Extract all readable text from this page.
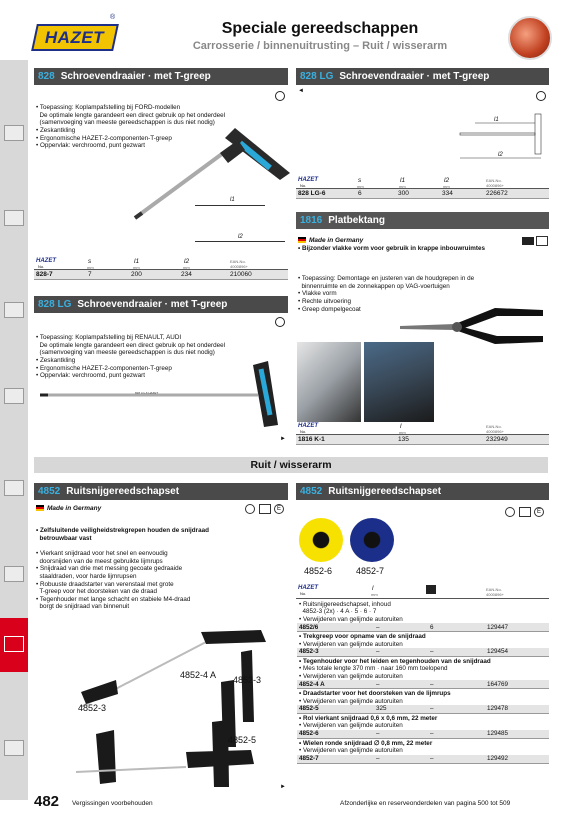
HAZET
®
Speciale gereedschappen
Carrosserie / binnenuitrusting – Ruit / wisserarm
828 Schroevendraaier · met T-greep

• Toepassing: Koplampafstelling bij FORD-modellen
De optimale lengte garandeert een direct gebruik op het onderdeel
(samenvoeging van meeste gereedschappen is dus niet nodig)
• Zeskantkling
• Ergonomische HAZET-2-componenten-T-greep
• Oppervlak: verchroomd, punt gezwart

l1
l2
HAZET
No.
s
mm
l1
mm
l2
mm
EAN-No.
4000896+
828-7	7	200	234	210060
828 LG Schroevendraaier · met T-greep
◄
l1
l2
HAZET
No.
s
mm
l1
mm
l2
mm
EAN-No.
4000896+
828 LG-6	6	300	334	226672
1816 Platbektang
Made in Germany
• Bijzonder vlakke vorm voor gebruik in krappe inbouwruimtes

• Toepassing: Demontage en justeren van de houdgrepen in de
binnenruimte en de zonnekappen op VAG-voertuigen
• Vlakke vorm
• Rechte uitvoering
• Greep dompelgecoat

HAZET
No.
l
mm
EAN-No.
4000896+
1816 K-1	135	232949
828 LG Schroevendraaier · met T-greep

• Toepassing: Koplampafstelling bij RENAULT, AUDI
De optimale lengte garandeert een direct gebruik op het onderdeel
(samenvoeging van meeste gereedschappen is dus niet nodig)
• Zeskantkling
• Ergonomische HAZET-2-componenten-T-greep
• Oppervlak: verchroomd, punt gezwart

828 LG-6 HAZET
►
Ruit / wisserarm
4852 Ruitsnijgereedschapset
Made in Germany	E

• Zelfsluitende veiligheidstrekgrepen houden de snijdraad
betrouwbaar vast

• Vierkant snijdraad voor het snel en eenvoudig
doorsnijden van de meest gebruikte lijmrups
• Snijdraad van drie met messing gecoate gedraaide
staaldraden, voor harde lijmrupsen
• Robuuste draadstarter van verenstaal met grote
T-greep voor het doorsteken van de draad
• Tegenhouder met lange schacht en stabiele M4-draad
borgt de snijdraad van binnenuit

4852-4 A 4852-3
4852-3
4852-5
►
4852 Ruitsnijgereedschapset
E
4852-6	4852-7
HAZET
No.
l
mm
EAN-No.
4000896+
• Ruitsnijgereedschapset, inhoud
4852-3 (2x) · 4 A · 5 · 6 · 7
• Verwijderen van gelijmde autoruiten
4852/6	–	6	129447
• Trekgreep voor opname van de snijdraad
• Verwijderen van gelijmde autoruiten
4852-3	–	–	129454
• Tegenhouder voor het leiden en tegenhouden van de snijdraad
• Mes totale lengte 370 mm · naar 160 mm toelopend
• Verwijderen van gelijmde autoruiten
4852-4 A	–	–	164769
• Draadstarter voor het doorsteken van de lijmrups
• Verwijderen van gelijmde autoruiten
4852-5	325	–	129478
• Rol vierkant snijdraad 0,6 x 0,6 mm, 22 meter
• Verwijderen van gelijmde autoruiten
4852-6	–	–	129485
• Wielen ronde snijdraad ∅ 0,8 mm, 22 meter
• Verwijderen van gelijmde autoruiten
4852-7	–	–	129492
482 Vergissingen voorbehouden	Afzonderlijke en reserveonderdelen van pagina 500 tot 509
